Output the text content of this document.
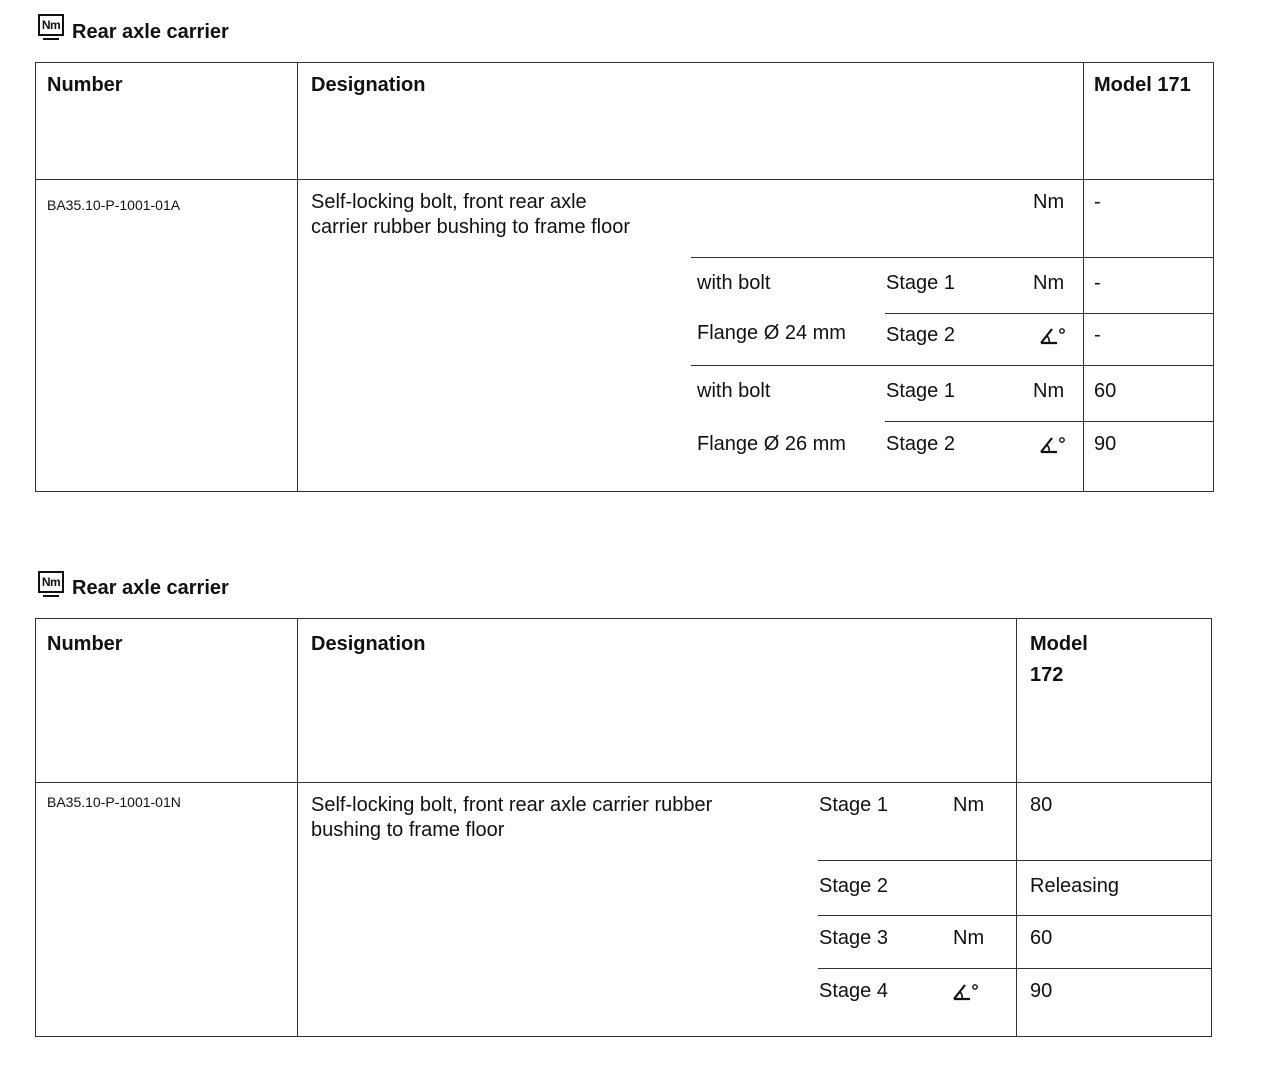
Nm Rear axle carrier
Number	Designation	Model 171
BA35.10-P-1001-01A	Self-locking bolt, front rear axle
carrier rubber bushing to frame floor
Nm -
with bolt	Stage 1	Nm -
Flange Ø 24 mm Stage 2	-
with bolt	Stage 1	Nm 60
Flange Ø 26 mm Stage 2	90
Nm Rear axle carrier
Number	Designation	Model
172
BA35.10-P-1001-01N	Self-locking bolt, front rear axle carrier rubber
bushing to frame floor
Stage 1	Nm 80
Stage 2	Releasing
Stage 3	Nm 60
Stage 4	90
